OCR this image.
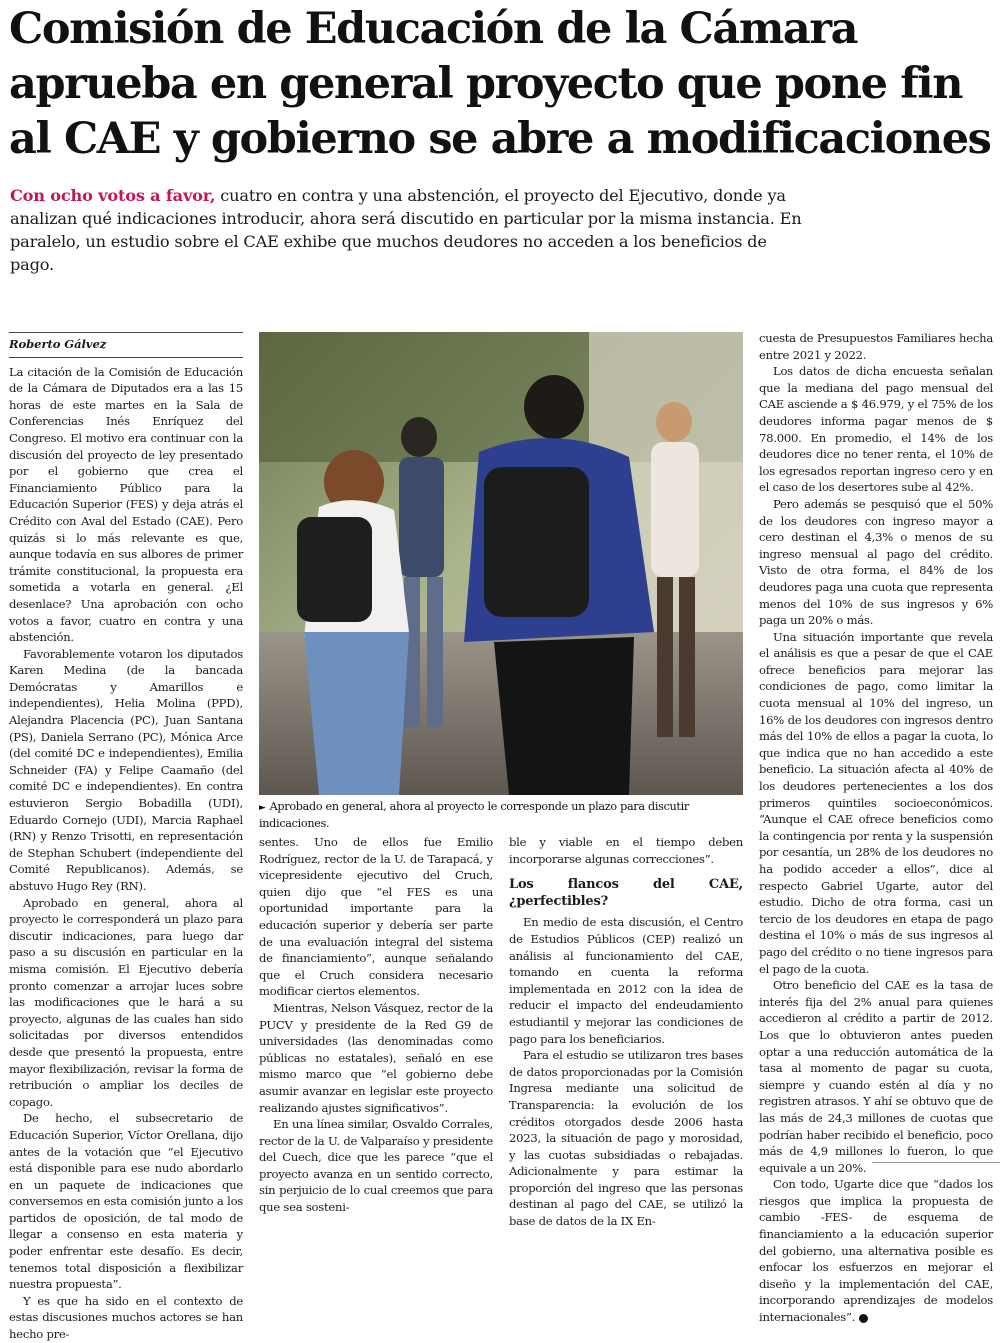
Comisión de Educación de la Cámara
aprueba en general proyecto que pone fin
al CAE y gobierno se abre a modificaciones

Con ocho votos a favor, cuatro en contra y una abstención, el proyecto del Ejecutivo, donde ya analizan qué indicaciones introducir, ahora será discutido en particular por la misma instancia. En paralelo, un estudio sobre el CAE exhibe que muchos deudores no acceden a los beneficios de pago.

Roberto Gálvez

La citación de la Comisión de Educación de la Cámara de Diputados era a las 15 horas de este martes en la Sala de Conferencias Inés Enríquez del Congreso. El motivo era continuar con la discusión del proyecto de ley presentado por el gobierno que crea el Financiamiento Público para la Educación Superior (FES) y deja atrás el Crédito con Aval del Estado (CAE). Pero quizás si lo más relevante es que, aunque todavía en sus albores de primer trámite constitucional, la propuesta era sometida a votarla en general. ¿El desenlace? Una aprobación con ocho votos a favor, cuatro en contra y una abstención.

Favorablemente votaron los diputados Karen Medina (de la bancada Demócratas y Amarillos e independientes), Helia Molina (PPD), Alejandra Placencia (PC), Juan Santana (PS), Daniela Serrano (PC), Mónica Arce (del comité DC e independientes), Emilia Schneider (FA) y Felipe Caamaño (del comité DC e independientes). En contra estuvieron Sergio Bobadilla (UDI), Eduardo Cornejo (UDI), Marcia Raphael (RN) y Renzo Trisotti, en representación de Stephan Schubert (independiente del Comité Republicanos). Además, se abstuvo Hugo Rey (RN).

Aprobado en general, ahora al proyecto le corresponderá un plazo para discutir indicaciones, para luego dar paso a su discusión en particular en la misma comisión. El Ejecutivo debería pronto comenzar a arrojar luces sobre las modificaciones que le hará a su proyecto, algunas de las cuales han sido solicitadas por diversos entendidos desde que presentó la propuesta, entre mayor flexibilización, revisar la forma de retribución o ampliar los deciles de copago.

De hecho, el subsecretario de Educación Superior, Víctor Orellana, dijo antes de la votación que “el Ejecutivo está disponible para ese nudo abordarlo en un paquete de indicaciones que conversemos en esta comisión junto a los partidos de oposición, de tal modo de llegar a consenso en esta materia y poder enfrentar este desafío. Es decir, tenemos total disposición a flexibilizar nuestra propuesta”.

Y es que ha sido en el contexto de estas discusiones muchos actores se han hecho pre-

► Aprobado en general, ahora al proyecto le corresponde un plazo para discutir indicaciones.

sentes. Uno de ellos fue Emilio Rodríguez, rector de la U. de Tarapacá, y vicepresidente ejecutivo del Cruch, quien dijo que “el FES es una oportunidad importante para la educación superior y debería ser parte de una evaluación integral del sistema de financiamiento”, aunque señalando que el Cruch considera necesario modificar ciertos elementos.

Mientras, Nelson Vásquez, rector de la PUCV y presidente de la Red G9 de universidades (las denominadas como públicas no estatales), señaló en ese mismo marco que “el gobierno debe asumir avanzar en legislar este proyecto realizando ajustes significativos”.

En una línea similar, Osvaldo Corrales, rector de la U. de Valparaíso y presidente del Cuech, dice que les parece “que el proyecto avanza en un sentido correcto, sin perjuicio de lo cual creemos que para que sea sosteni-

ble y viable en el tiempo deben incorporarse algunas correcciones”.

Los flancos del CAE, ¿perfectibles?

En medio de esta discusión, el Centro de Estudios Públicos (CEP) realizó un análisis al funcionamiento del CAE, tomando en cuenta la reforma implementada en 2012 con la idea de reducir el impacto del endeudamiento estudiantil y mejorar las condiciones de pago para los beneficiarios.

Para el estudio se utilizaron tres bases de datos proporcionadas por la Comisión Ingresa mediante una solicitud de Transparencia: la evolución de los créditos otorgados desde 2006 hasta 2023, la situación de pago y morosidad, y las cuotas subsidiadas o rebajadas. Adicionalmente y para estimar la proporción del ingreso que las personas destinan al pago del CAE, se utilizó la base de datos de la IX En-

cuesta de Presupuestos Familiares hecha entre 2021 y 2022.

Los datos de dicha encuesta señalan que la mediana del pago mensual del CAE asciende a $ 46.979, y el 75% de los deudores informa pagar menos de $ 78.000. En promedio, el 14% de los deudores dice no tener renta, el 10% de los egresados reportan ingreso cero y en el caso de los desertores sube al 42%.

Pero además se pesquisó que el 50% de los deudores con ingreso mayor a cero destinan el 4,3% o menos de su ingreso mensual al pago del crédito. Visto de otra forma, el 84% de los deudores paga una cuota que representa menos del 10% de sus ingresos y 6% paga un 20% o más.

Una situación importante que revela el análisis es que a pesar de que el CAE ofrece beneficios para mejorar las condiciones de pago, como limitar la cuota mensual al 10% del ingreso, un 16% de los deudores con ingresos dentro más del 10% de ellos a pagar la cuota, lo que indica que no han accedido a este beneficio. La situación afecta al 40% de los deudores pertenecientes a los dos primeros quintiles socioeconómicos. “Aunque el CAE ofrece beneficios como la contingencia por renta y la suspensión por cesantía, un 28% de los deudores no ha podido acceder a ellos”, dice al respecto Gabriel Ugarte, autor del estudio. Dicho de otra forma, casi un tercio de los deudores en etapa de pago destina el 10% o más de sus ingresos al pago del crédito o no tiene ingresos para el pago de la cuota.

Otro beneficio del CAE es la tasa de interés fija del 2% anual para quienes accedieron al crédito a partir de 2012. Los que lo obtuvieron antes pueden optar a una reducción automática de la tasa al momento de pagar su cuota, siempre y cuando estén al día y no registren atrasos. Y ahí se obtuvo que de las más de 24,3 millones de cuotas que podrían haber recibido el beneficio, poco más de 4,9 millones lo fueron, lo que equivale a un 20%.

Con todo, Ugarte dice que “dados los riesgos que implica la propuesta de cambio -FES- de esquema de financiamiento a la educación superior del gobierno, una alternativa posible es enfocar los esfuerzos en mejorar el diseño y la implementación del CAE, incorporando aprendizajes de modelos internacionales”.
